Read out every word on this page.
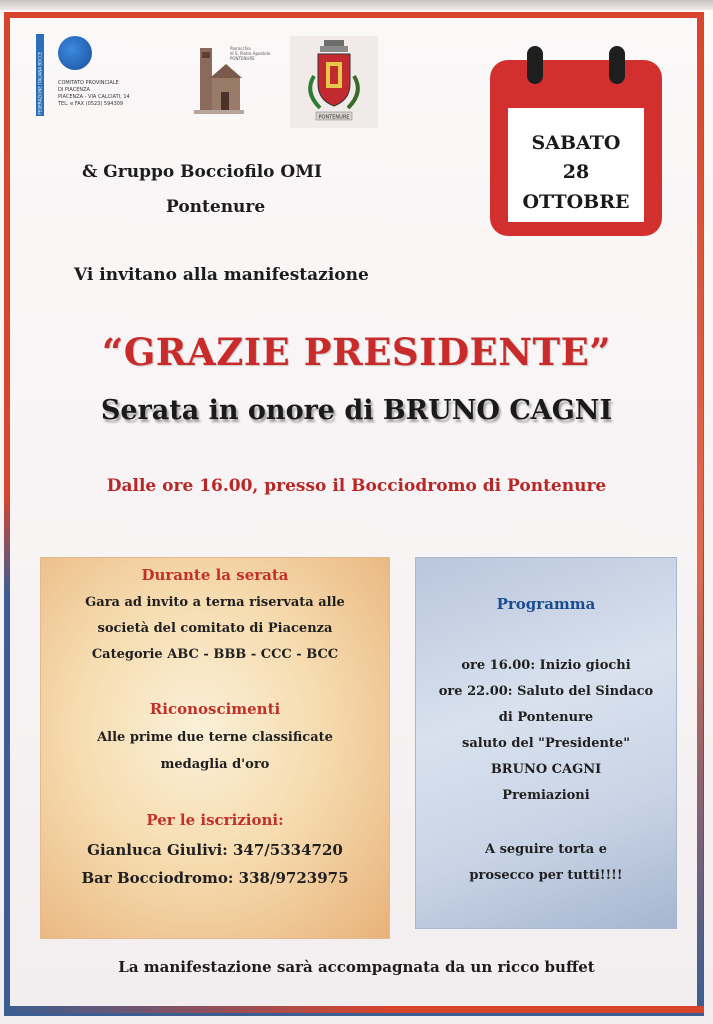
FEDERAZIONE ITALIANA BOCCE	COMITATO PROVINCIALE
DI PIACENZA
PIACENZA - VIA CALCIATI, 14
TEL. e FAX (0523) 594309
Parrocchia
di S. Pietro Apostolo
PONTENURE
PONTENURE
SABATO
28
OTTOBRE
& Gruppo Bocciofilo OMI
Pontenure
Vi invitano alla manifestazione
“GRAZIE PRESIDENTE”
Serata in onore di BRUNO CAGNI
Dalle ore 16.00, presso il Bocciodromo di Pontenure
Durante la serata
Gara ad invito a terna riservata alle
società del comitato di Piacenza
Categorie ABC - BBB - CCC - BCC
Riconoscimenti
Alle prime due terne classificate
medaglia d'oro
Per le iscrizioni:
Gianluca Giulivi: 347/5334720
Bar Bocciodromo: 338/9723975
Programma
ore 16.00: Inizio giochi
ore 22.00: Saluto del Sindaco
di Pontenure
saluto del "Presidente"
BRUNO CAGNI
Premiazioni
A seguire torta e
prosecco per tutti!!!!
La manifestazione sarà accompagnata da un ricco buffet
